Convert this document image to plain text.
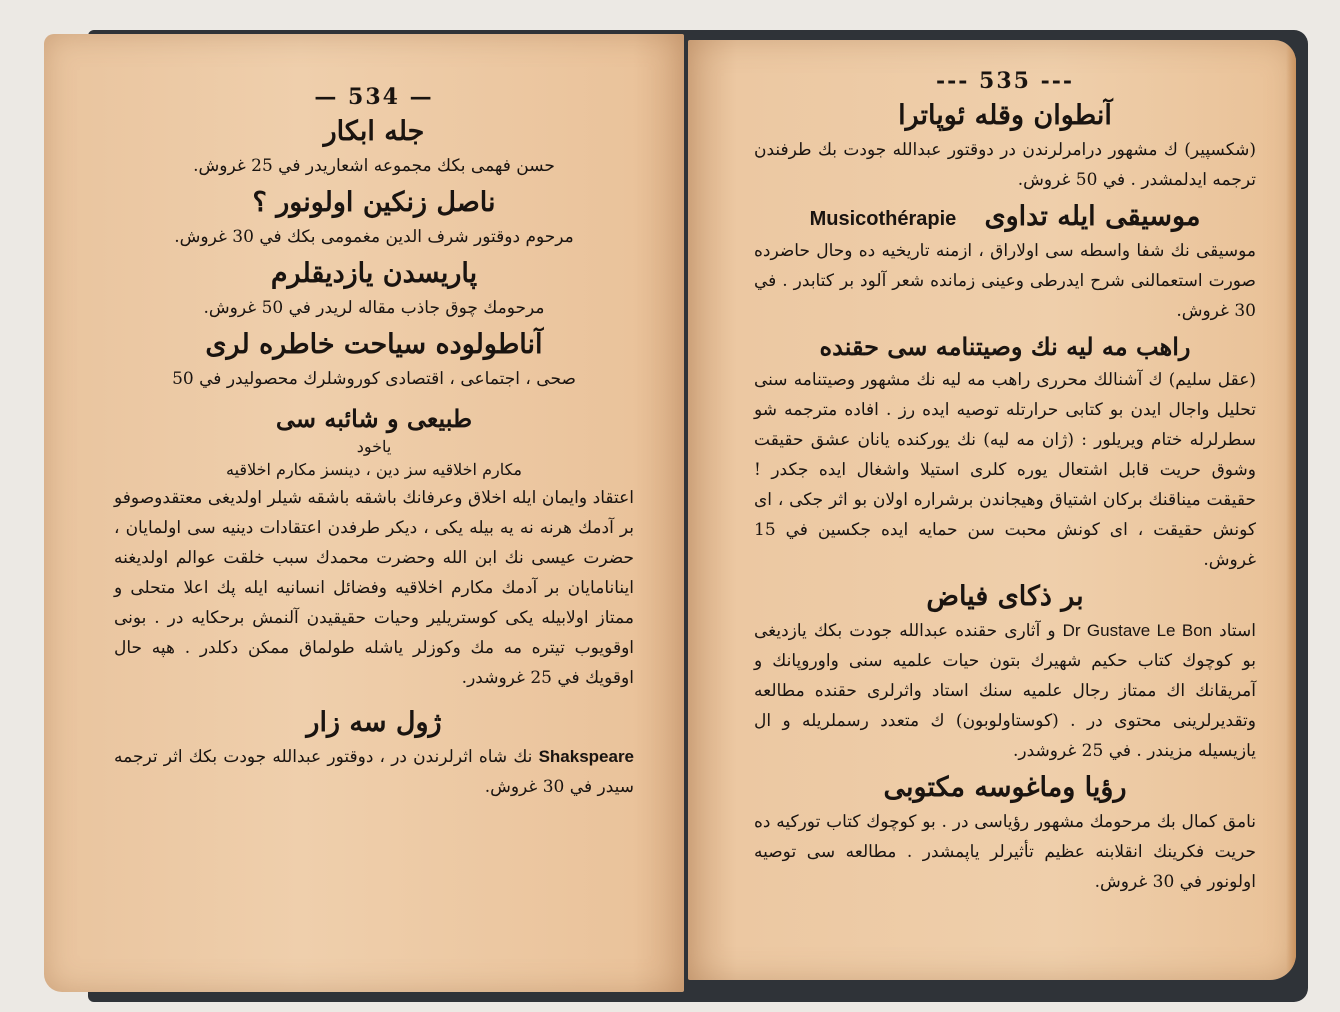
— 534 —
جله ابكار

حسن فهمى بكك مجموعه اشعاريدر في 25 غروش.

ناصل زنكين اولونور ؟

مرحوم دوقتور شرف الدين مغمومى بكك في 30 غروش.

پاريسدن يازديقلرم

مرحومك چوق جاذب مقاله لريدر في 50 غروش.

آناطولوده سياحت خاطره لرى

صحى ، اجتماعى ، اقتصادى كوروشلرك محصوليدر في 50

طبيعى و شائبه سى
ياخود
مكارم اخلاقيه سز دين ، دينسز مكارم اخلاقيه

اعتقاد وايمان ايله اخلاق وعرفانك باشقه باشقه شيلر اولديغى معتقدوصوفو بر آدمك هرنه نه يه بيله يكى ، ديكر طرفدن اعتقادات دينيه سى اولمايان ، حضرت عيسى نك ابن الله وحضرت محمدك سبب خلقت عوالم اولديغنه اينانامايان بر آدمك مكارم اخلاقيه وفضائل انسانيه ايله پك اعلا متحلى و ممتاز اولابيله يكى كوستريلير وحيات حقيقيدن آلنمش برحكايه در . بونى اوقويوب تيتره مه مك وكوزلر ياشله طولماق ممكن دكلدر . هپه حال اوقويك في 25 غروشدر.

ژول سه زار

Shakspeare نك شاه اثرلرندن در ، دوقتور عبدالله جودت بكك اثر ترجمه سيدر في 30 غروش.

--- 535 ---
آنطوان وقله ئوپاترا

(شكسپير) ك مشهور درامرلرندن در دوقتور عبدالله جودت بك طرفندن ترجمه ايدلمشدر . في 50 غروش.

موسيقى ايله تداوى   Musicothérapie

موسيقى نك شفا واسطه سى اولاراق ، ازمنه تاريخيه ده وحال حاضرده صورت استعمالنى شرح ايدرطى وعينى زمانده شعر آلود بر كتابدر . في 30 غروش.

راهب مه ليه نك وصيتنامه سى حقنده

(عقل سليم) ك آشنالك محررى راهب مه ليه نك مشهور وصيتنامه سنى تحليل واجال ايدن بو كتابى حرارتله توصيه ايده رز . افاده مترجمه شو سطرلرله ختام ويريلور : (ژان مه ليه) نك يوركنده يانان عشق حقيقت وشوق حريت قابل اشتعال يوره كلرى استيلا واشغال ايده جكدر ! حقيقت ميناقنك بركان اشتياق وهيجاندن برشراره اولان بو اثر جكى ، اى كونش حقيقت ، اى كونش محبت سن حمايه ايده جكسين في 15 غروش.

بر ذكاى فياض

استاد Dr Gustave Le Bon و آثارى حقنده عبدالله جودت بكك يازديغى بو كوچوك كتاب حكيم شهيرك بتون حيات علميه سنى واوروپانك و آمريقانك اك ممتاز رجال علميه سنك استاد واثرلرى حقنده مطالعه وتقديرلرينى محتوى در . (كوستاولوبون) ك متعدد رسملريله و ال يازيسيله مزيندر . في 25 غروشدر.

رؤيا وماغوسه مكتوبى

نامق كمال بك مرحومك مشهور رؤياسى در . بو كوچوك كتاب توركيه ده حريت فكرينك انقلابنه عظيم تأثيرلر ياپمشدر . مطالعه سى توصيه اولونور في 30 غروش.
